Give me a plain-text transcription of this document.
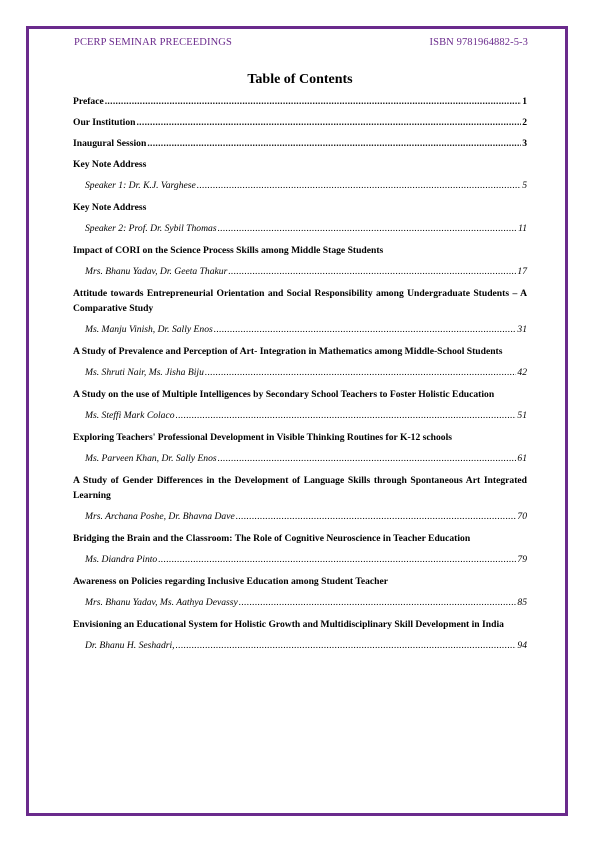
PCERP SEMINAR PRECEEDINGS	ISBN 9781964882-5-3
Table of Contents
Preface .....	1
Our Institution .....	2
Inaugural Session .....	3
Key Note Address
Speaker 1: Dr. K.J. Varghese .....	5
Key Note Address
Speaker 2: Prof. Dr. Sybil Thomas .....	11
Impact of CORI on the Science Process Skills among Middle Stage Students
Mrs. Bhanu Yadav, Dr. Geeta Thakur .....	17
Attitude towards Entrepreneurial Orientation and Social Responsibility among Undergraduate Students – A Comparative Study
Ms. Manju Vinish, Dr. Sally Enos .....	31
A Study of Prevalence and Perception of Art- Integration in Mathematics among Middle-School Students
Ms. Shruti Nair, Ms. Jisha Biju .....	42
A Study on the use of Multiple Intelligences by Secondary School Teachers to Foster Holistic Education
Ms. Steffi Mark Colaco .....	51
Exploring Teachers' Professional Development in Visible Thinking Routines for K-12 schools
Ms. Parveen Khan, Dr. Sally Enos .....	61
A Study of Gender Differences in the Development of Language Skills through Spontaneous Art Integrated Learning
Mrs. Archana Poshe, Dr. Bhavna Dave .....	70
Bridging the Brain and the Classroom: The Role of Cognitive Neuroscience in Teacher Education
Ms. Diandra Pinto .....	79
Awareness on Policies regarding Inclusive Education among Student Teacher
Mrs. Bhanu Yadav, Ms. Aathya Devassy .....	85
Envisioning an Educational System for Holistic Growth and Multidisciplinary Skill Development in India
Dr. Bhanu H. Seshadri, .....	94
